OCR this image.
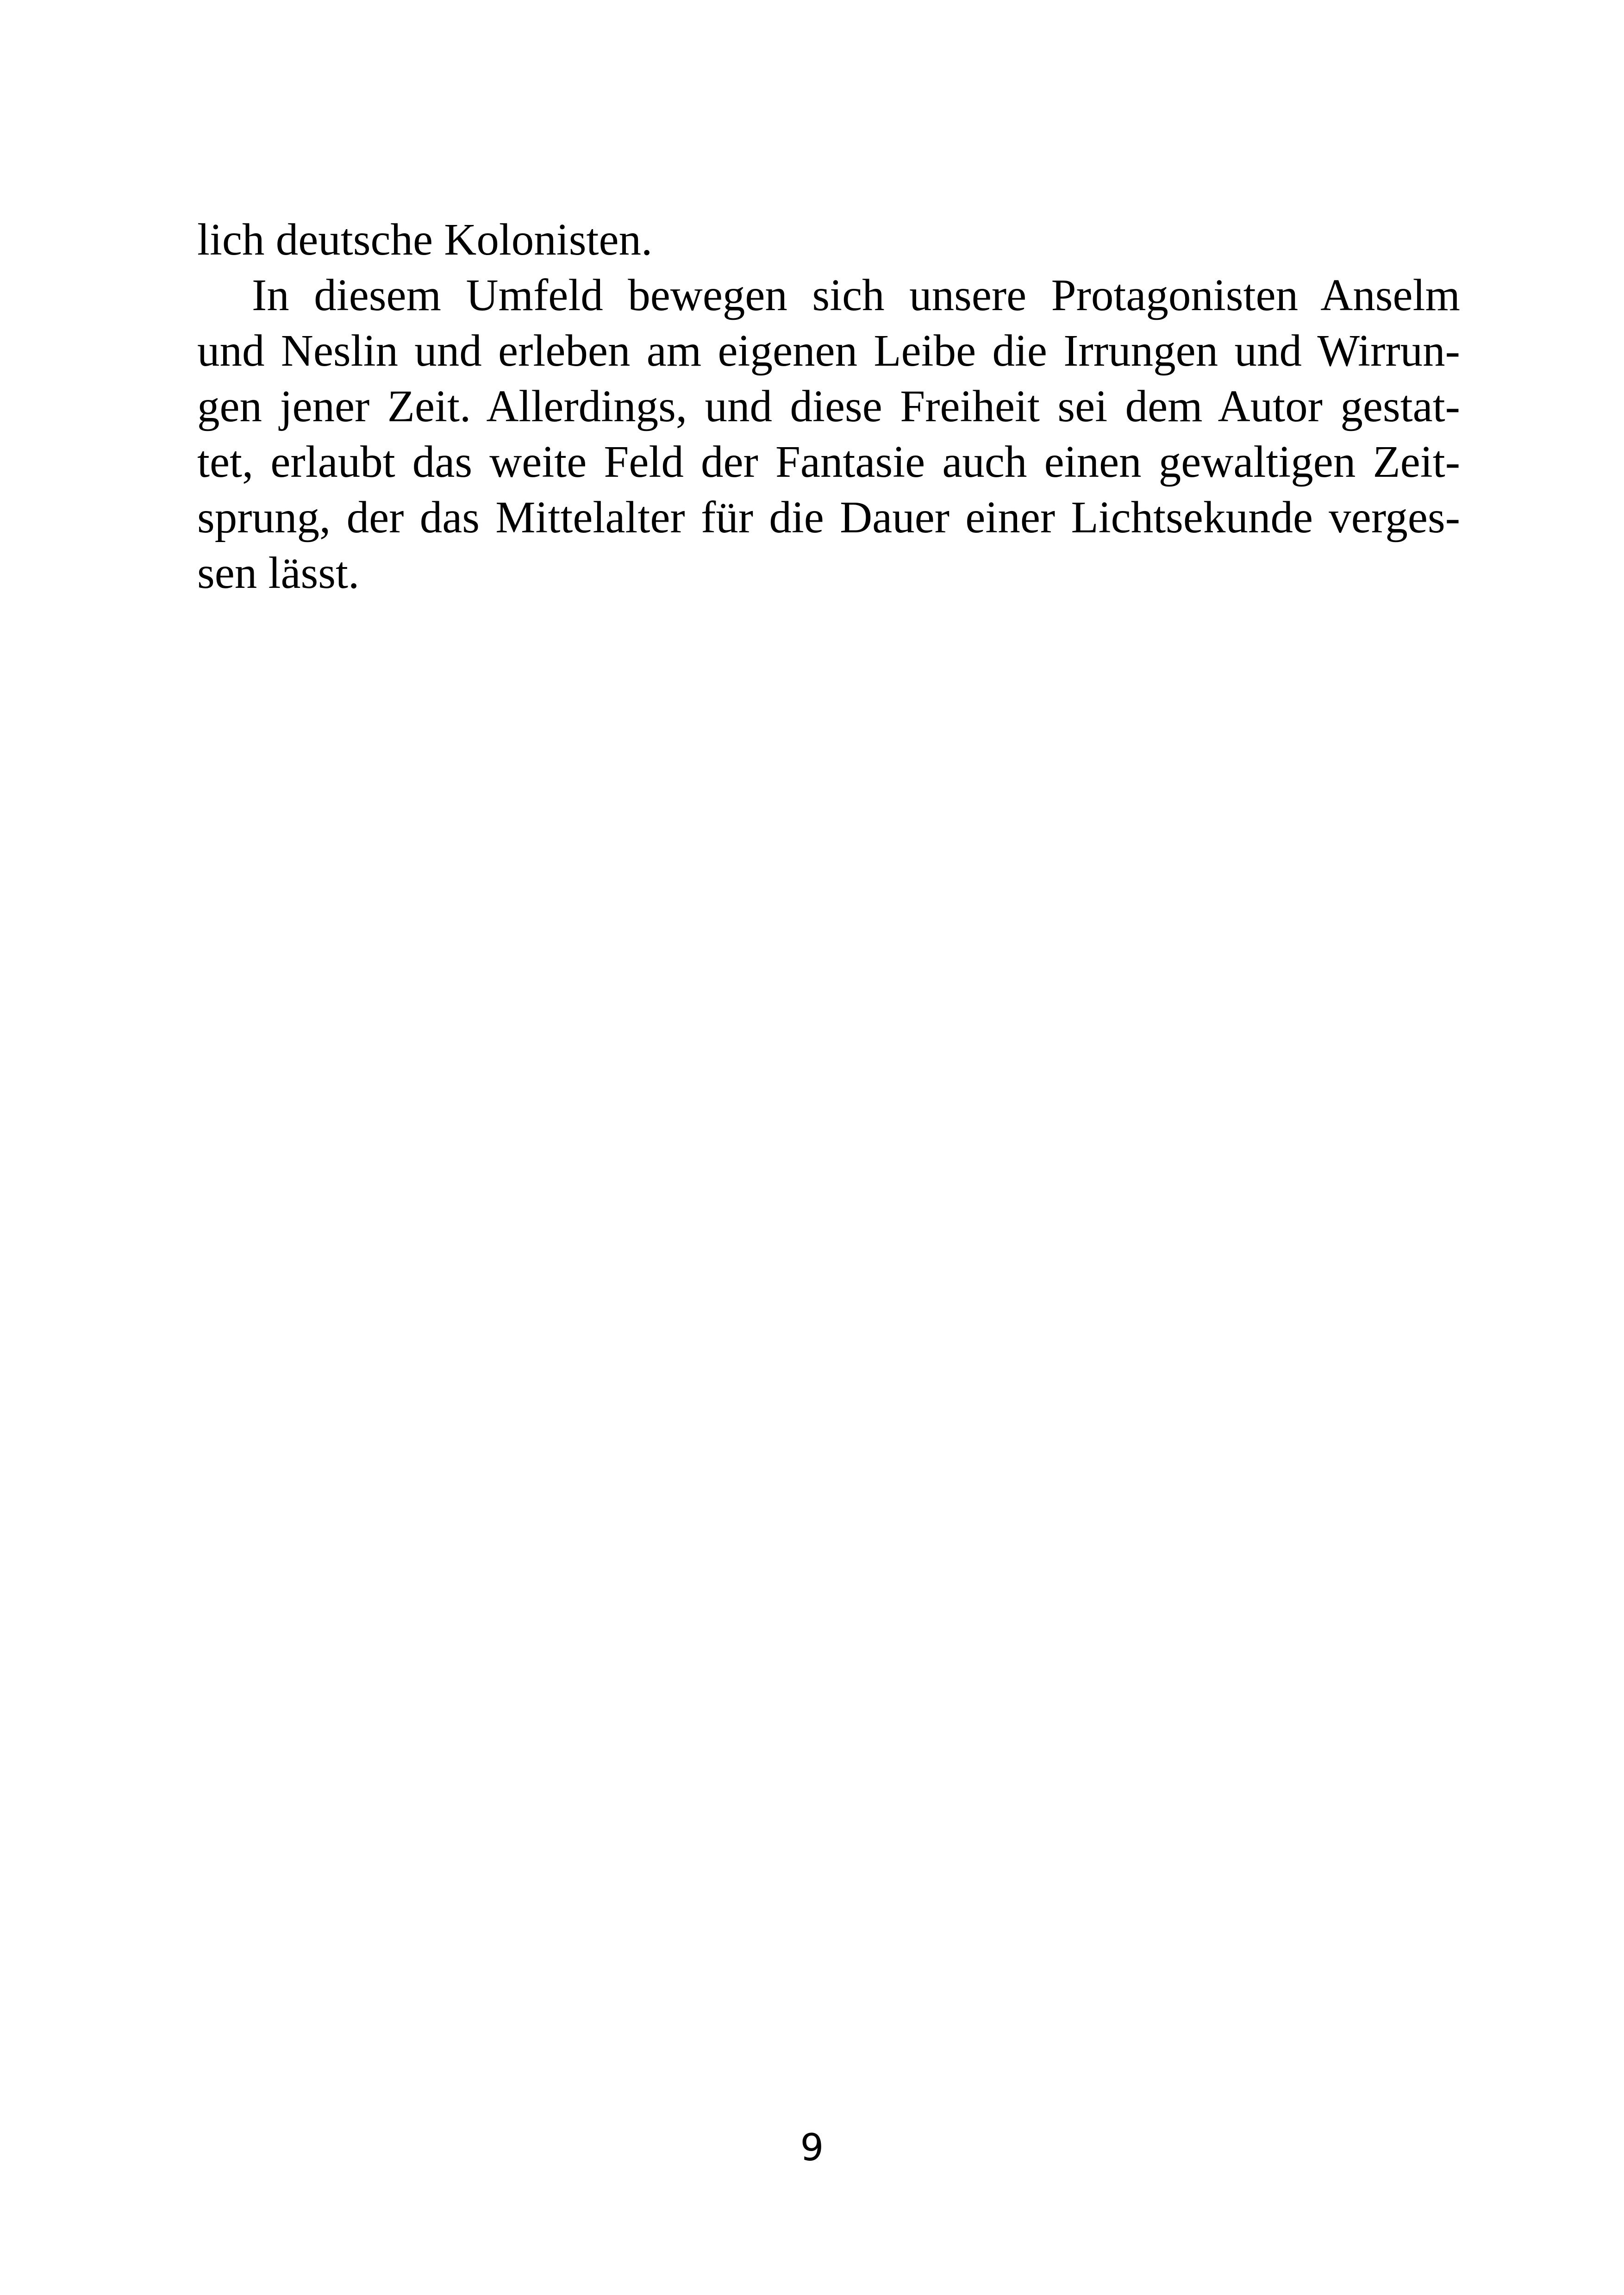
lich deutsche Kolonisten.
In diesem Umfeld bewegen sich unsere Protagonisten Anselm
und Neslin und erleben am eigenen Leibe die Irrungen und Wirrun-
gen jener Zeit. Allerdings, und diese Freiheit sei dem Autor gestat-
tet, erlaubt das weite Feld der Fantasie auch einen gewaltigen Zeit-
sprung, der das Mittelalter für die Dauer einer Lichtsekunde verges-
sen lässt.
9
